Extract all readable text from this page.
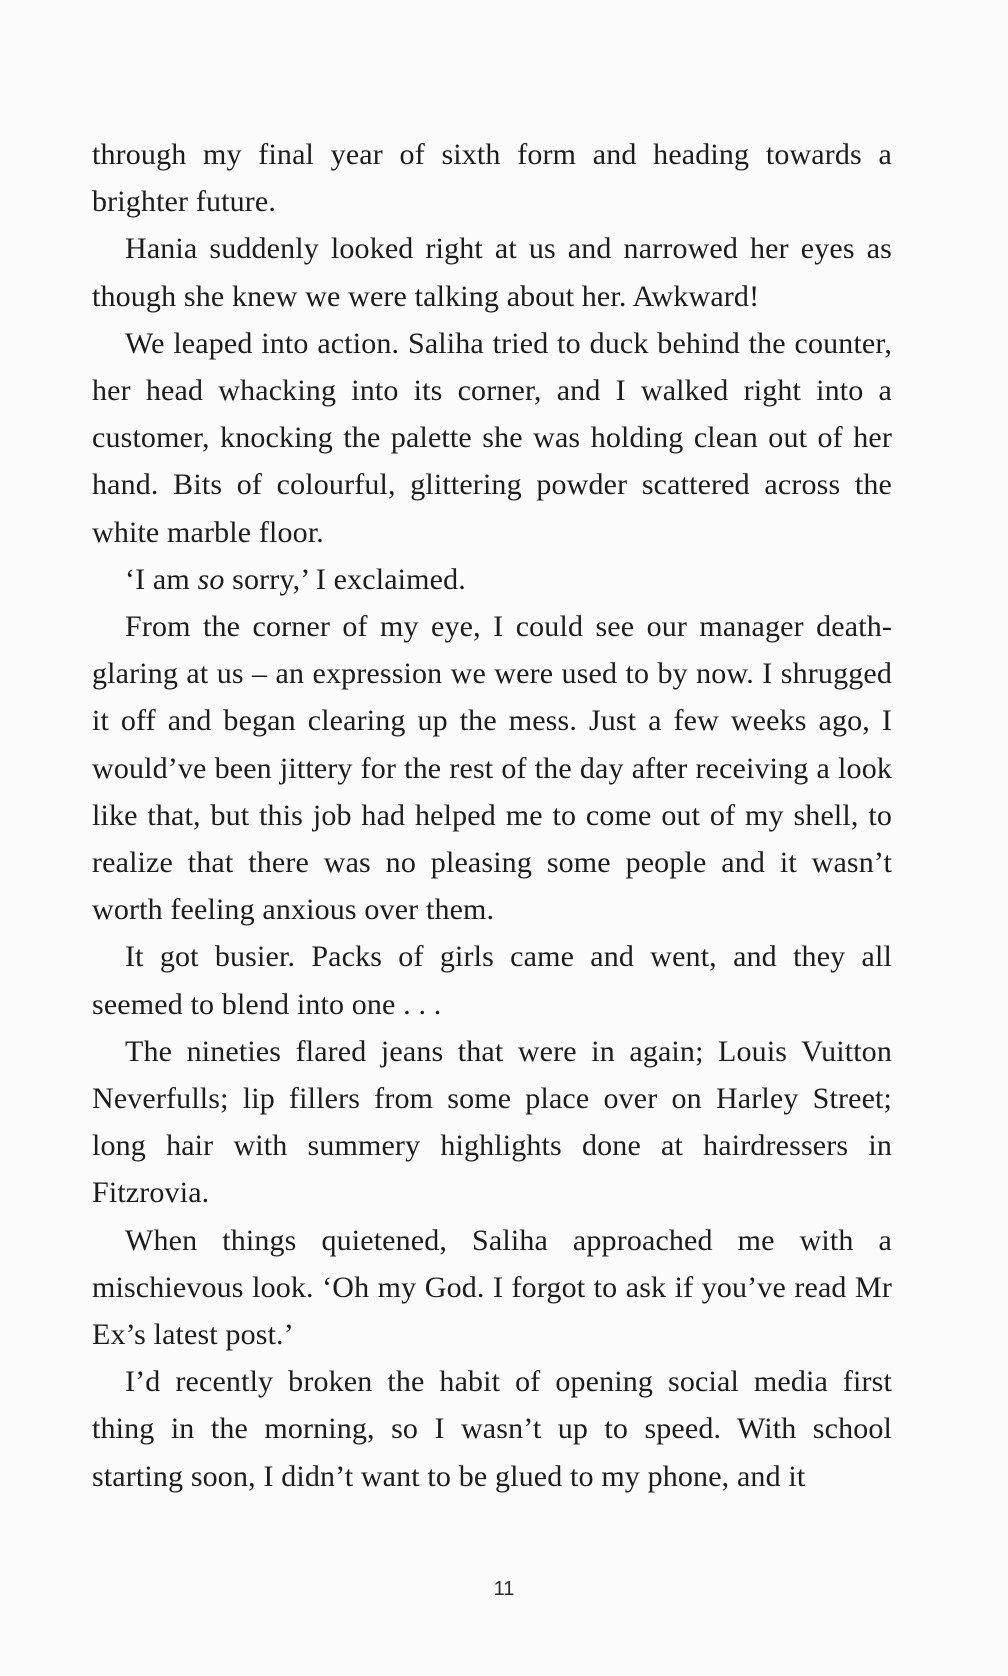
through my final year of sixth form and heading towards a brighter future.

Hania suddenly looked right at us and narrowed her eyes as though she knew we were talking about her. Awkward!

We leaped into action. Saliha tried to duck behind the counter, her head whacking into its corner, and I walked right into a customer, knocking the palette she was holding clean out of her hand. Bits of colourful, glittering powder scattered across the white marble floor.

‘I am so sorry,’ I exclaimed.

From the corner of my eye, I could see our manager death-glaring at us – an expression we were used to by now. I shrugged it off and began clearing up the mess. Just a few weeks ago, I would’ve been jittery for the rest of the day after receiving a look like that, but this job had helped me to come out of my shell, to realize that there was no pleasing some people and it wasn’t worth feeling anxious over them.

It got busier. Packs of girls came and went, and they all seemed to blend into one . . .

The nineties flared jeans that were in again; Louis Vuitton Neverfulls; lip fillers from some place over on Harley Street; long hair with summery highlights done at hairdressers in Fitzrovia.

When things quietened, Saliha approached me with a mischievous look. ‘Oh my God. I forgot to ask if you’ve read Mr Ex’s latest post.’

I’d recently broken the habit of opening social media first thing in the morning, so I wasn’t up to speed. With school starting soon, I didn’t want to be glued to my phone, and it

11
